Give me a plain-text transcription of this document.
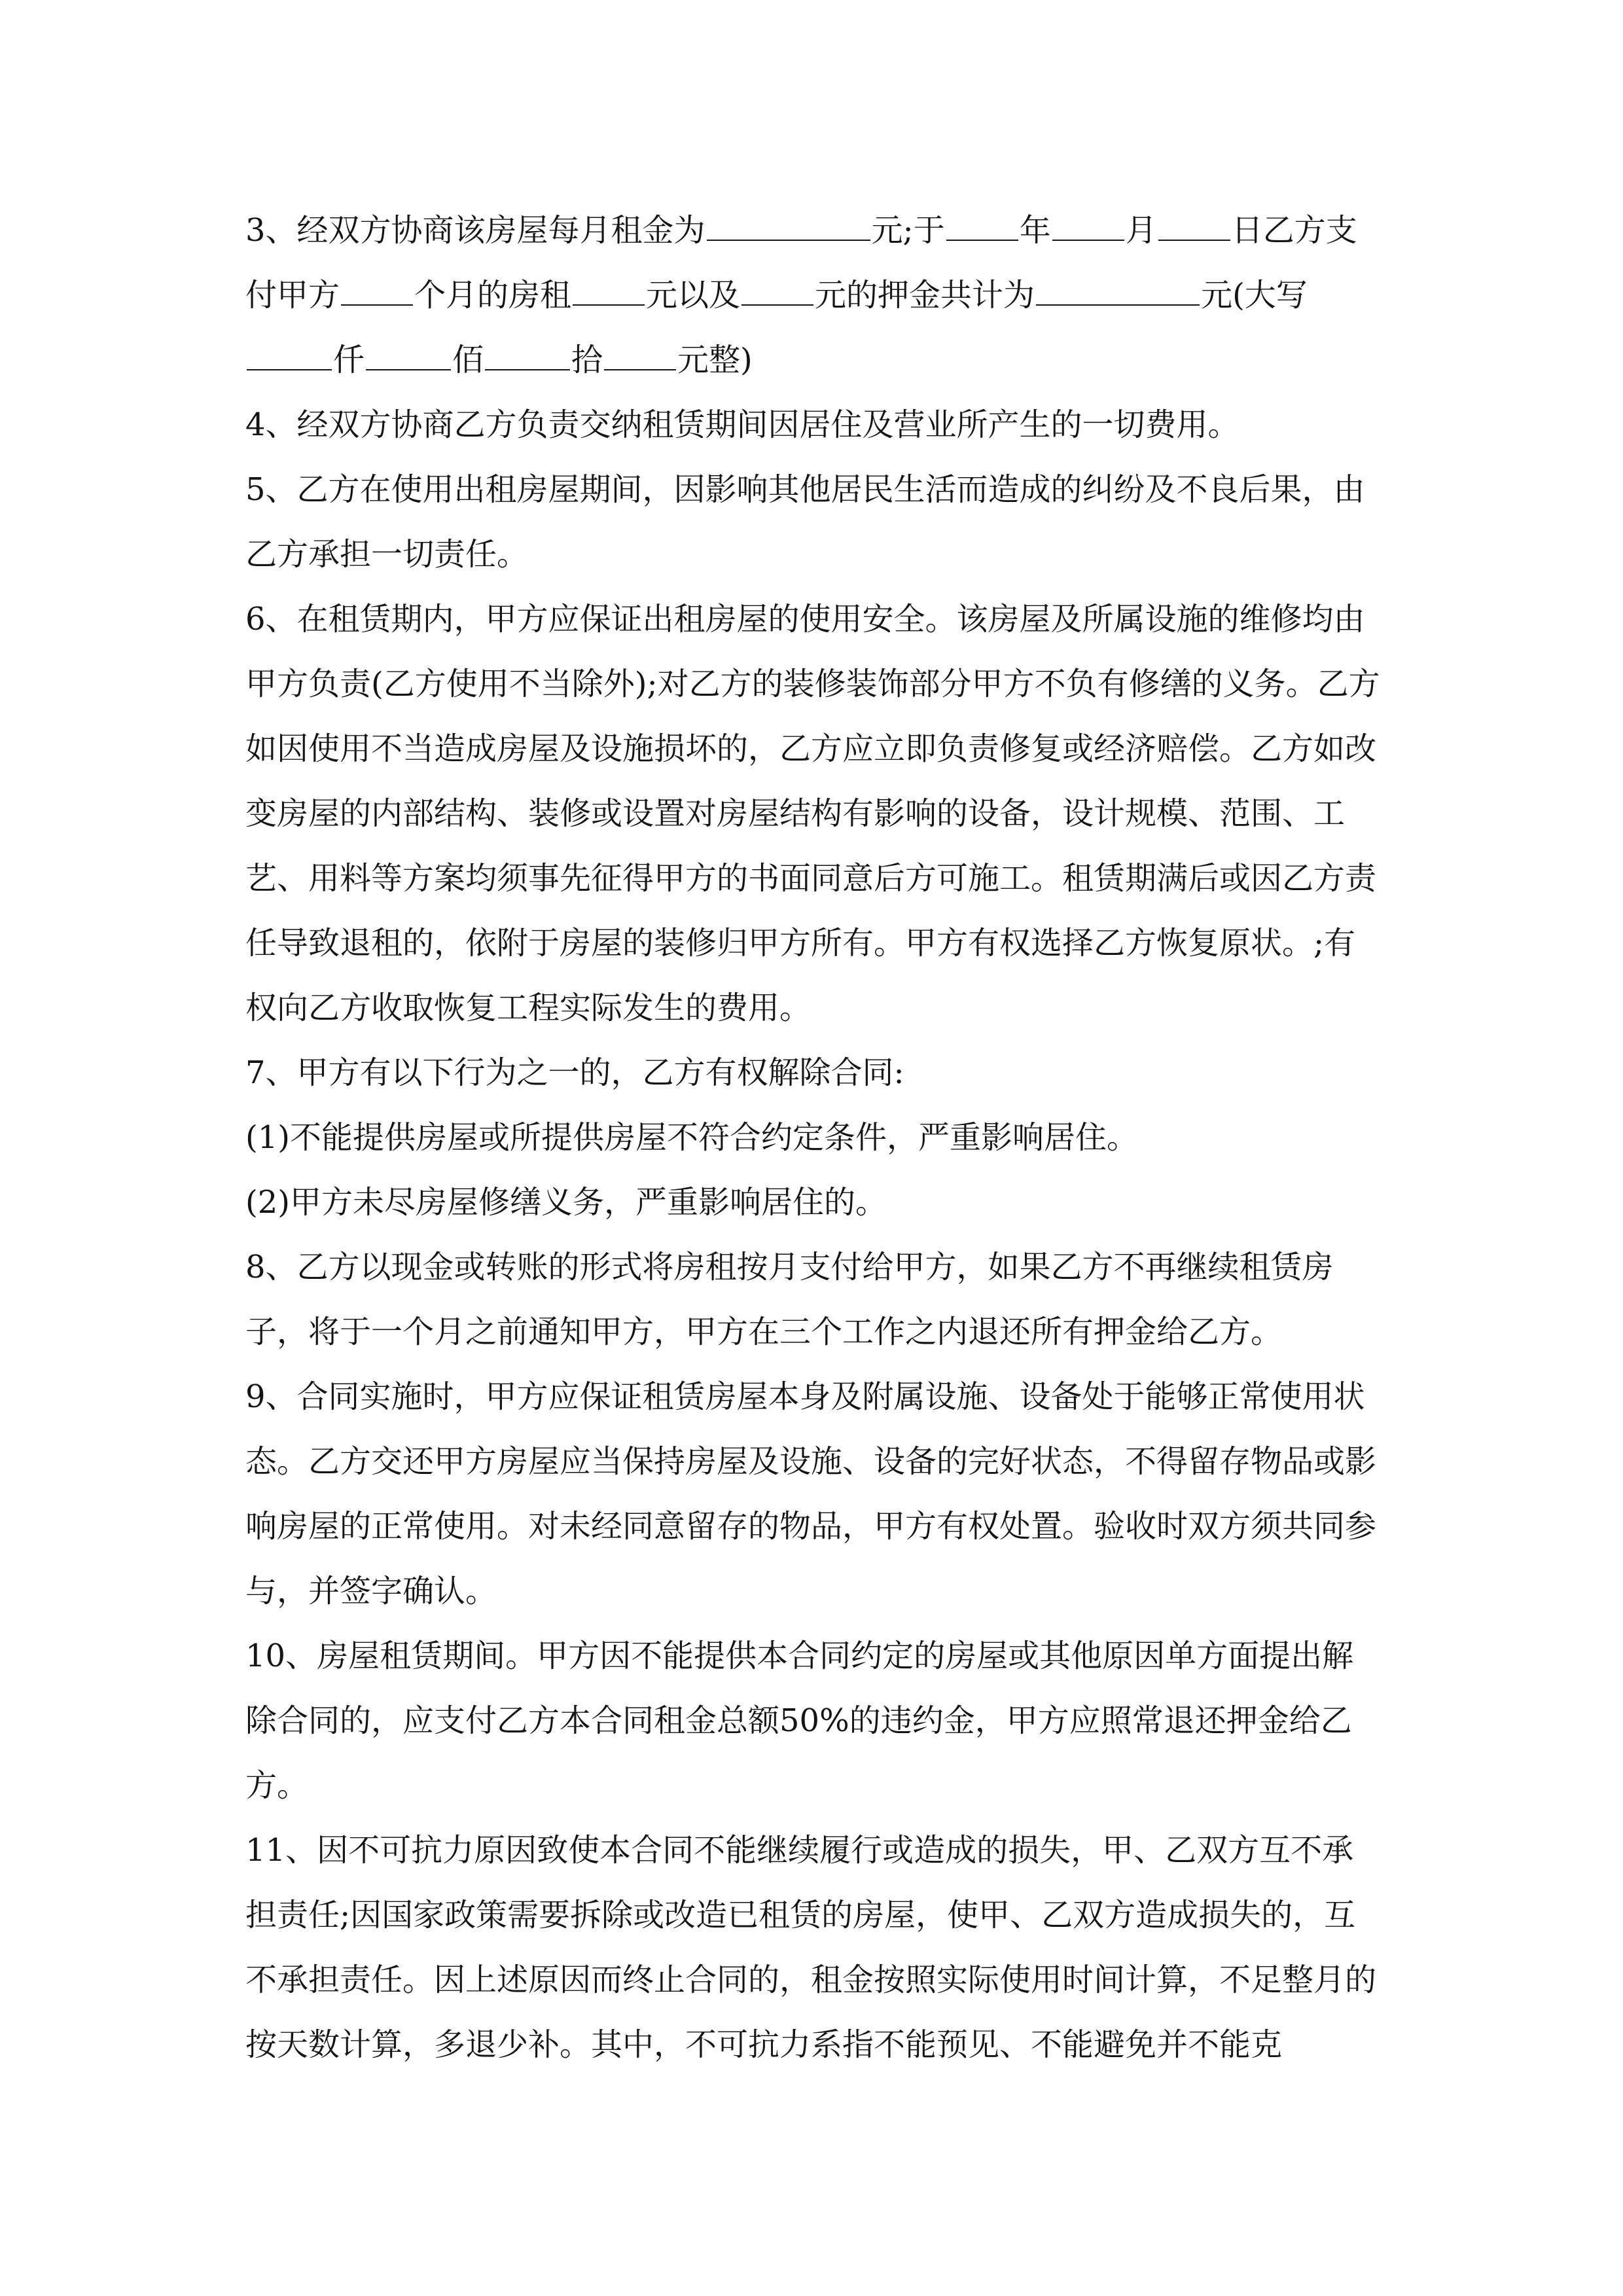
3、经双方协商该房屋每月租金为	元;于 年 月 日乙方支付甲方 个月的房租 元以及 元的押金共计为	元(大写仟	佰	拾 元整)

4、经双方协商乙方负责交纳租赁期间因居住及营业所产生的一切费用。

5、乙方在使用出租房屋期间，因影响其他居民生活而造成的纠纷及不良后果，由乙方承担一切责任。

6、在租赁期内，甲方应保证出租房屋的使用安全。该房屋及所属设施的维修均由甲方负责(乙方使用不当除外);对乙方的装修装饰部分甲方不负有修缮的义务。乙方如因使用不当造成房屋及设施损坏的，乙方应立即负责修复或经济赔偿。乙方如改变房屋的内部结构、装修或设置对房屋结构有影响的设备，设计规模、范围、工艺、用料等方案均须事先征得甲方的书面同意后方可施工。租赁期满后或因乙方责任导致退租的，依附于房屋的装修归甲方所有。甲方有权选择乙方恢复原状。;有权向乙方收取恢复工程实际发生的费用。

7、甲方有以下行为之一的，乙方有权解除合同:

(1)不能提供房屋或所提供房屋不符合约定条件，严重影响居住。

(2)甲方未尽房屋修缮义务，严重影响居住的。

8、乙方以现金或转账的形式将房租按月支付给甲方，如果乙方不再继续租赁房子，将于一个月之前通知甲方，甲方在三个工作之内退还所有押金给乙方。

9、合同实施时，甲方应保证租赁房屋本身及附属设施、设备处于能够正常使用状态。乙方交还甲方房屋应当保持房屋及设施、设备的完好状态，不得留存物品或影响房屋的正常使用。对未经同意留存的物品，甲方有权处置。验收时双方须共同参与，并签字确认。

10、房屋租赁期间。甲方因不能提供本合同约定的房屋或其他原因单方面提出解除合同的，应支付乙方本合同租金总额50%的违约金，甲方应照常退还押金给乙方。

11、因不可抗力原因致使本合同不能继续履行或造成的损失，甲、乙双方互不承担责任;因国家政策需要拆除或改造已租赁的房屋，使甲、乙双方造成损失的，互不承担责任。因上述原因而终止合同的，租金按照实际使用时间计算，不足整月的按天数计算，多退少补。其中，不可抗力系指不能预见、不能避免并不能克
